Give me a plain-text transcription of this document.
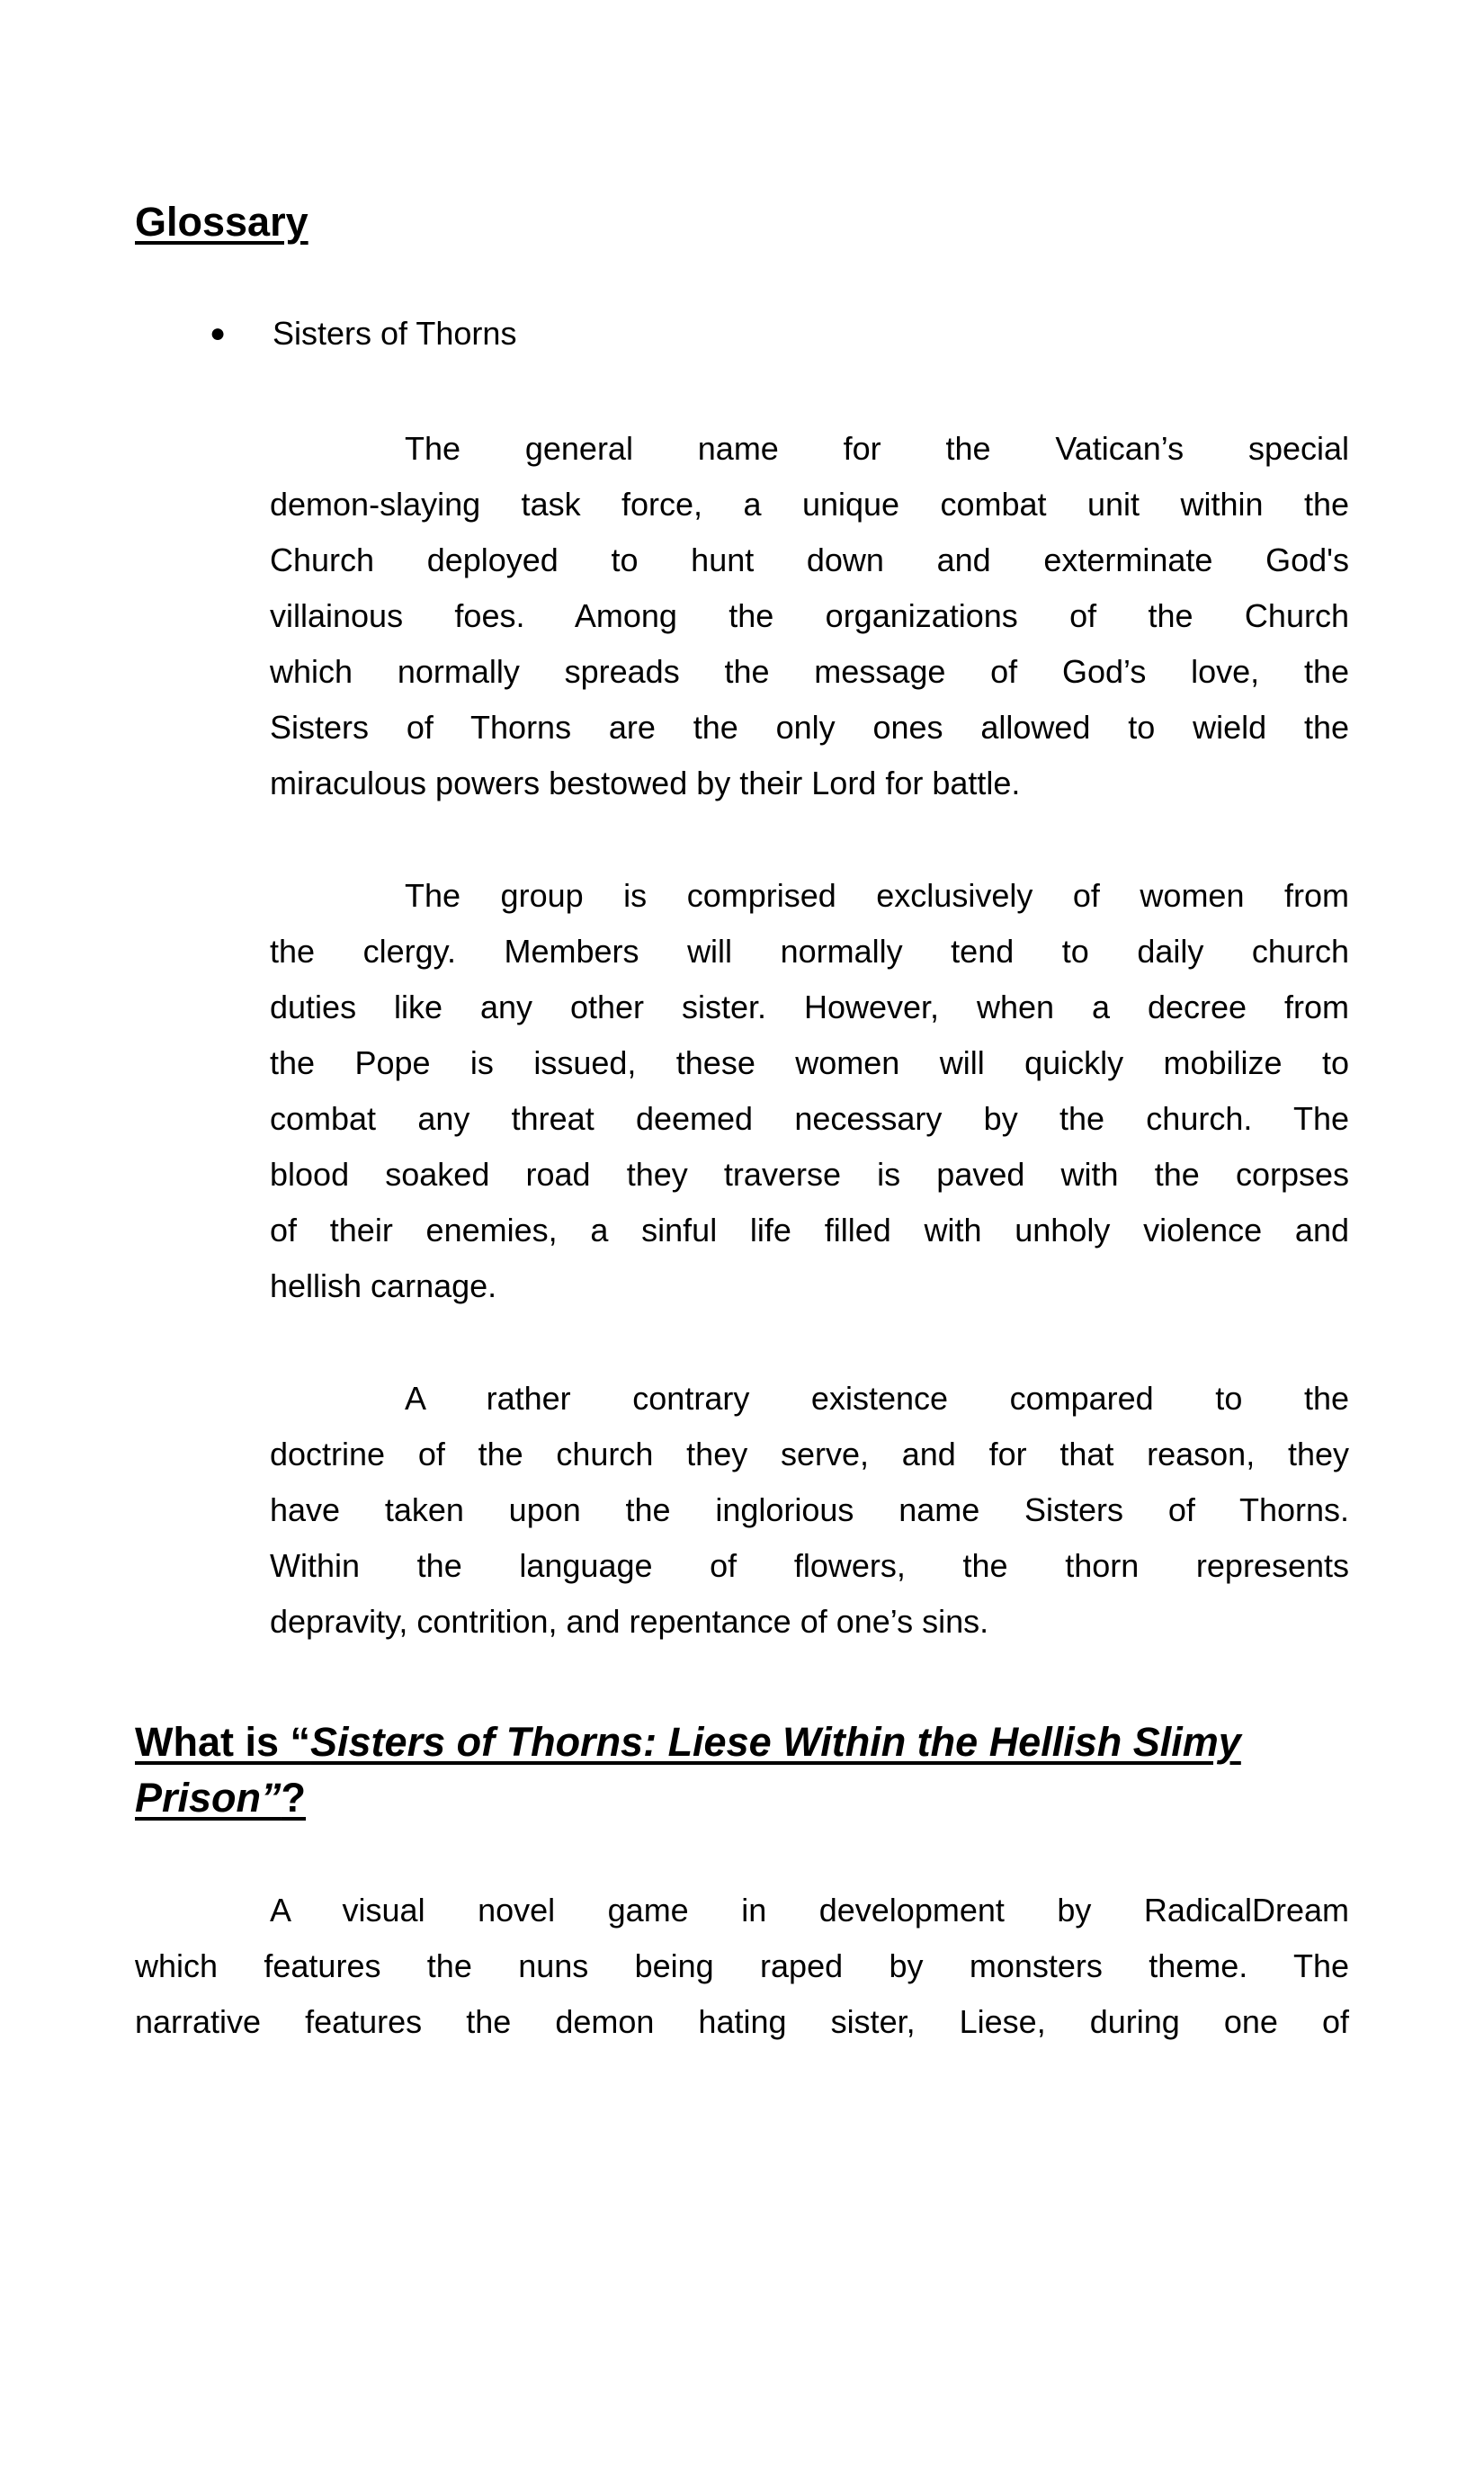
Glossary
● Sisters of Thorns
The general name for the Vatican’s special
demon-slaying task force, a unique combat unit within the
Church deployed to hunt down and exterminate God's
villainous foes. Among the organizations of the Church
which normally spreads the message of God’s love, the
Sisters of Thorns are the only ones allowed to wield the
miraculous powers bestowed by their Lord for battle.
The group is comprised exclusively of women from
the clergy. Members will normally tend to daily church
duties like any other sister. However, when a decree from
the Pope is issued, these women will quickly mobilize to
combat any threat deemed necessary by the church. The
blood soaked road they traverse is paved with the corpses
of their enemies, a sinful life filled with unholy violence and
hellish carnage.
A rather contrary existence compared to the
doctrine of the church they serve, and for that reason, they
have taken upon the inglorious name Sisters of Thorns.
Within the language of flowers, the thorn represents
depravity, contrition, and repentance of one’s sins.
What is “Sisters of Thorns: Liese Within the Hellish Slimy
Prison”?
A visual novel game in development by RadicalDream
which features the nuns being raped by monsters theme. The
narrative features the demon hating sister, Liese, during one of
